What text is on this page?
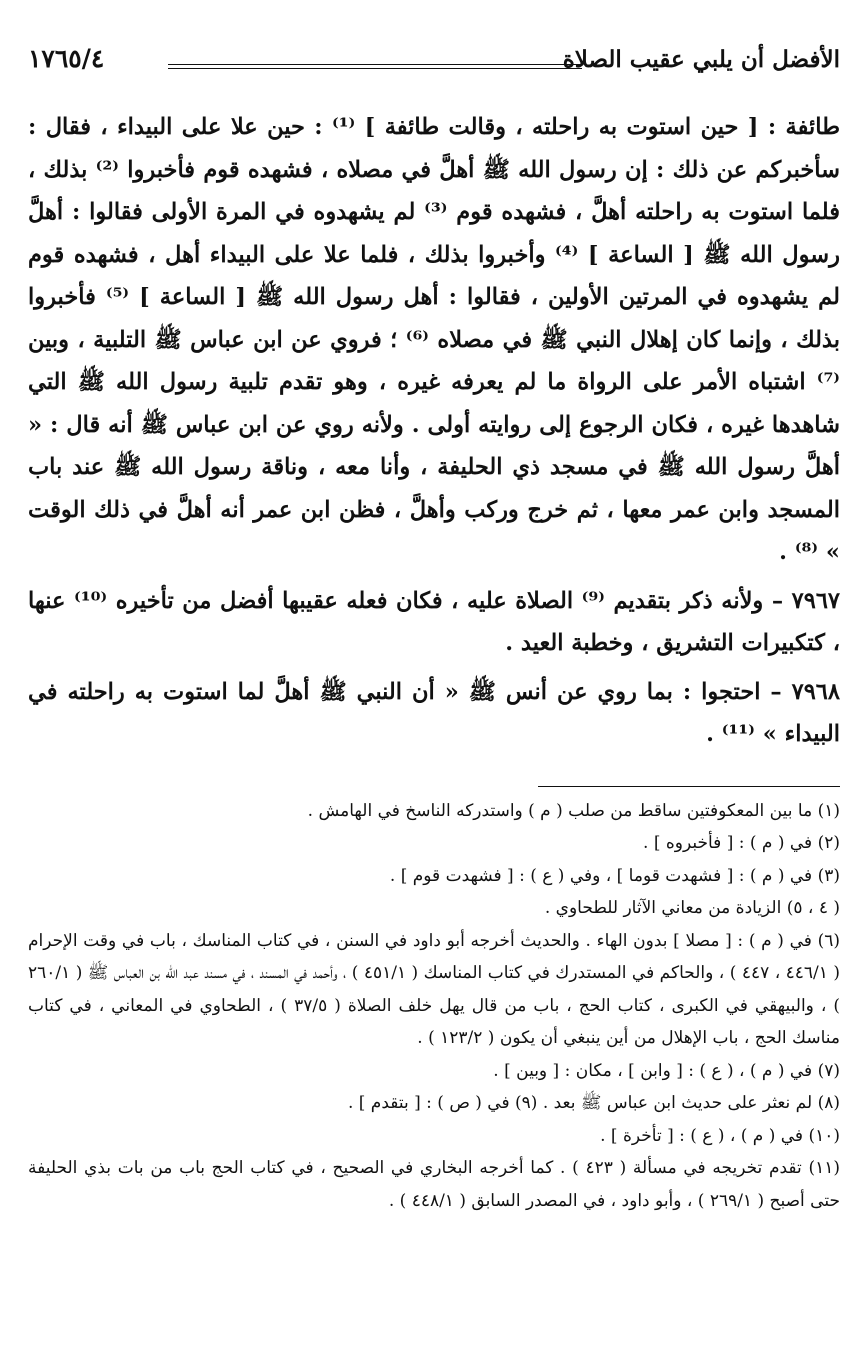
الأفضل أن يلبي عقيب الصلاة
١٧٦٥/٤

طائفة : [ حين استوت به راحلته ، وقالت طائفة ] ⁽¹⁾ : حين علا على البيداء ، فقال : سأخبركم عن ذلك : إن رسول الله ﷺ أهلَّ في مصلاه ، فشهده قوم فأخبروا ⁽²⁾ بذلك ، فلما استوت به راحلته أهلَّ ، فشهده قوم ⁽³⁾ لم يشهدوه في المرة الأولى فقالوا : أهلَّ رسول الله ﷺ [ الساعة ] ⁽⁴⁾ وأخبروا بذلك ، فلما علا على البيداء أهل ، فشهده قوم لم يشهدوه في المرتين الأولين ، فقالوا : أهل رسول الله ﷺ [ الساعة ] ⁽⁵⁾ فأخبروا بذلك ، وإنما كان إهلال النبي ﷺ في مصلاه ⁽⁶⁾ ؛ فروي عن ابن عباس ﷺ التلبية ، وبين ⁽⁷⁾ اشتباه الأمر على الرواة ما لم يعرفه غيره ، وهو تقدم تلبية رسول الله ﷺ التي شاهدها غيره ، فكان الرجوع إلى روايته أولى . ولأنه روي عن ابن عباس ﷺ أنه قال : « أهلَّ رسول الله ﷺ في مسجد ذي الحليفة ، وأنا معه ، وناقة رسول الله ﷺ عند باب المسجد وابن عمر معها ، ثم خرج وركب وأهلَّ ، فظن ابن عمر أنه أهلَّ في ذلك الوقت » ⁽⁸⁾ .

٧٩٦٧ – ولأنه ذكر بتقديم ⁽⁹⁾ الصلاة عليه ، فكان فعله عقيبها أفضل من تأخيره ⁽¹⁰⁾ عنها ، كتكبيرات التشريق ، وخطبة العيد .

٧٩٦٨ – احتجوا : بما روي عن أنس ﷺ « أن النبي ﷺ أهلَّ لما استوت به راحلته في البيداء » ⁽¹¹⁾ .

(١) ما بين المعكوفتين ساقط من صلب ( م ) واستدركه الناسخ في الهامش .

(٢) في ( م ) : [ فأخبروه ] .

(٣) في ( م ) : [ فشهدت قوما ] ، وفي ( ع ) : [ فشهدت قوم ] .

( ٤ ، ٥) الزيادة من معاني الآثار للطحاوي .

(٦) في ( م ) : [ مصلا ] بدون الهاء . والحديث أخرجه أبو داود في السنن ، في كتاب المناسك ، باب في وقت الإحرام ( ٤٤٦/١ ، ٤٤٧ ) ، والحاكم في المستدرك في كتاب المناسك ( ٤٥١/١ ) ، وأحمد في المسند ، في مسند عبد الله بن العباس ﷺ ( ٢٦٠/١ ) ، والبيهقي في الكبرى ، كتاب الحج ، باب من قال يهل خلف الصلاة ( ٣٧/٥ ) ، الطحاوي في المعاني ، في كتاب مناسك الحج ، باب الإهلال من أين ينبغي أن يكون ( ١٢٣/٢ ) .

(٧) في ( م ) ، ( ع ) : [ وابن ] ، مكان : [ وبين ] .

(٨) لم نعثر على حديث ابن عباس ﷺ بعد . (٩) في ( ص ) : [ بتقدم ] .

(١٠) في ( م ) ، ( ع ) : [ تأخرة ] .

(١١) تقدم تخريجه في مسألة ( ٤٢٣ ) . كما أخرجه البخاري في الصحيح ، في كتاب الحج باب من بات بذي الحليفة حتى أصبح ( ٢٦٩/١ ) ، وأبو داود ، في المصدر السابق ( ٤٤٨/١ ) .
